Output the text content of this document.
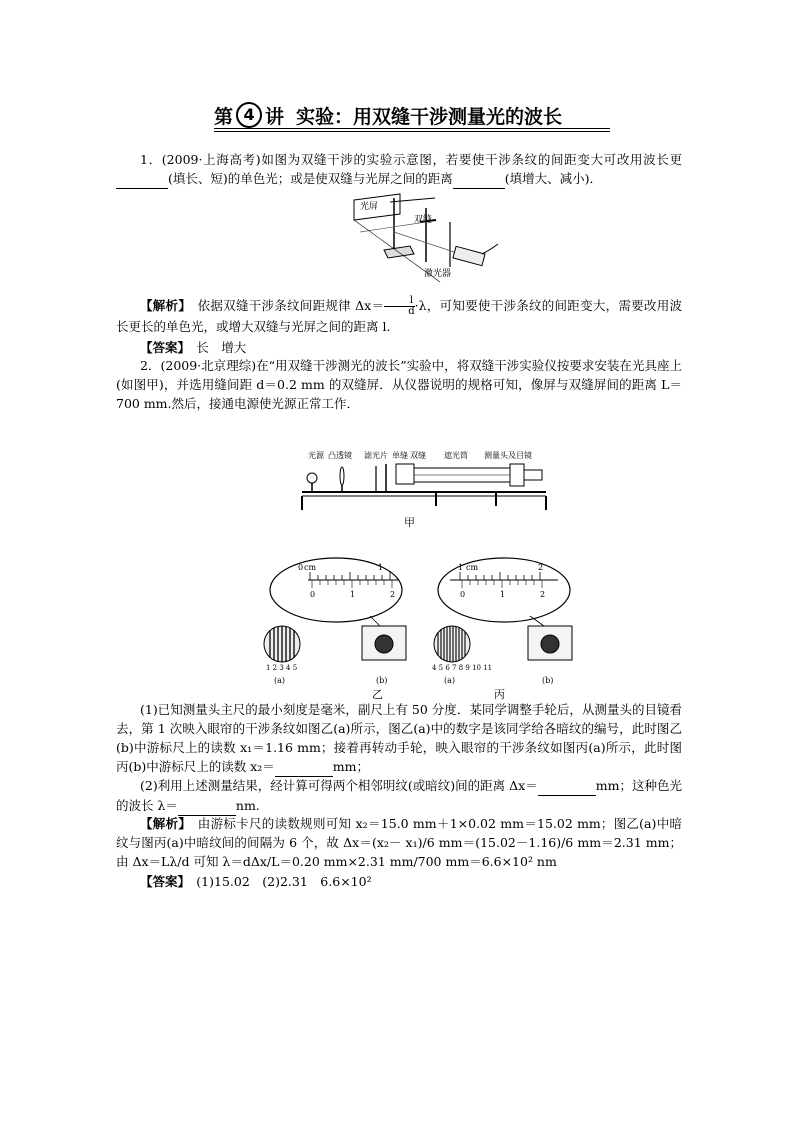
第 4 讲 实验：用双缝干涉测量光的波长
1．(2009·上海高考)如图为双缝干涉的实验示意图，若要使干涉条纹的间距变大可改用波长更 (填长、短)的单色光；或是使双缝与光屏之间的距离	(填增大、减小)．
光屏
双缝
激光器
【解析】　 依据双缝干涉条纹间距规律 $\Delta x= \frac{l}{d} \cdot\lambda$，可知要使干涉条纹的间距变大，需要改用波长更长的单色光，或增大双缝与光屏之间的距离 l.
【答案】　 长　增大
2．(2009·北京理综)在“用双缝干涉测光的波长”实验中，将双缝干涉实验仪按要求安装在光具座上(如图甲)，并选用缝间距 d＝0.2 mm 的双缝屏．从仪器说明的规格可知，像屏与双缝屏间的距离 L＝700 mm.然后，接通电源使光源正常工作．
光源 凸透镜 滤光片 单缝 双缝 遮光筒 测量头及目镜
甲
0 cm	1
0	1	2
1 2 3 4 5
(a)	(b)
1 cm	2
0	1	2
4 5 6 7 8 9 10 11
(a)	(b)
乙	丙
(1)已知测量头主尺的最小刻度是毫米，副尺上有 50 分度．某同学调整手轮后，从测量头的目镜看去，第 1 次映入眼帘的干涉条纹如图乙(a)所示，图乙(a)中的数字是该同学给各暗纹的编号，此时图乙(b)中游标尺上的读数 x₁＝1.16 mm；接着再转动手轮，映入眼帘的干涉条纹如图丙(a)所示，此时图丙(b)中游标尺上的读数 x₂＝	mm；
(2)利用上述测量结果，经计算可得两个相邻明纹(或暗纹)间的距离 Δx＝	mm；这种色光的波长 λ＝	nm.
【解析】　 由游标卡尺的读数规则可知 x₂＝15.0 mm＋1×0.02 mm＝15.02 mm；图乙(a)中暗纹与图丙(a)中暗纹间的间隔为 6 个，故 Δx＝(x₂－ x₁)/6 mm＝(15.02－1.16)/6 mm＝2.31 mm；由 Δx＝Lλ/d 可知 λ＝dΔx/L＝0.20 mm×2.31 mm/700 mm＝6.6×10² nm
【答案】　 (1)15.02　(2)2.31　6.6×10²
